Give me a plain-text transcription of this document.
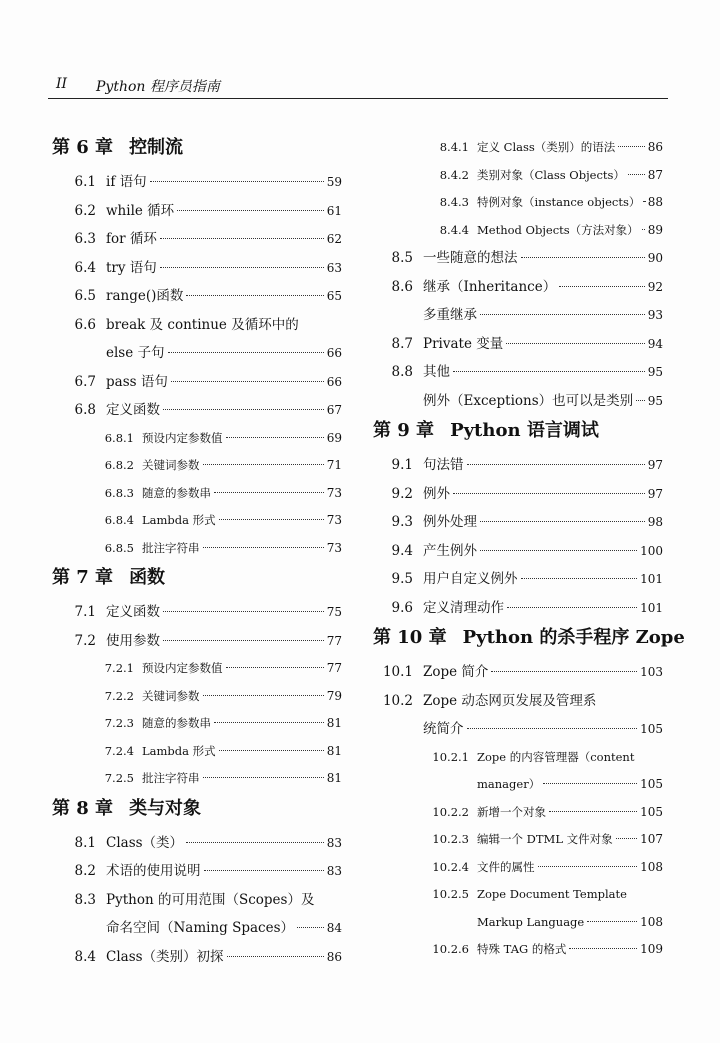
II Python 程序员指南
第 6 章 控制流
6.1 if 语句	59
6.2 while 循环	61
6.3 for 循环	62
6.4 try 语句	63
6.5 range()函数	65
6.6 break 及 continue 及循环中的
else 子句	66
6.7 pass 语句	66
6.8 定义函数	67
6.8.1 预设内定参数值	69
6.8.2 关键词参数	71
6.8.3 随意的参数串	73
6.8.4 Lambda 形式	73
6.8.5 批注字符串	73
第 7 章 函数
7.1 定义函数	75
7.2 使用参数	77
7.2.1 预设内定参数值	77
7.2.2 关键词参数	79
7.2.3 随意的参数串	81
7.2.4 Lambda 形式	81
7.2.5 批注字符串	81
第 8 章 类与对象
8.1 Class（类）	83
8.2 术语的使用说明	83
8.3 Python 的可用范围（Scopes）及
命名空间（Naming Spaces）	84
8.4 Class（类别）初探	86
8.4.1 定义 Class（类别）的语法	86
8.4.2 类别对象（Class Objects） 87
8.4.3 特例对象（instance objects） 88
8.4.4 Method Objects（方法对象） 89
8.5 一些随意的想法	90
8.6 继承（Inheritance）	92
多重继承	93
8.7 Private 变量	94
8.8 其他	95
例外（Exceptions）也可以是类别 95
第 9 章 Python 语言调试
9.1 句法错	97
9.2 例外	97
9.3 例外处理	98
9.4 产生例外	100
9.5 用户自定义例外	101
9.6 定义清理动作	101
第 10 章 Python 的杀手程序 Zope
10.1 Zope 简介	103
10.2 Zope 动态网页发展及管理系
统简介	105
10.2.1 Zope 的内容管理器（content
manager）	105
10.2.2 新增一个对象	105
10.2.3 编辑一个 DTML 文件对象 107
10.2.4 文件的属性	108
10.2.5 Zope Document Template
Markup Language	108
10.2.6 特殊 TAG 的格式	109
